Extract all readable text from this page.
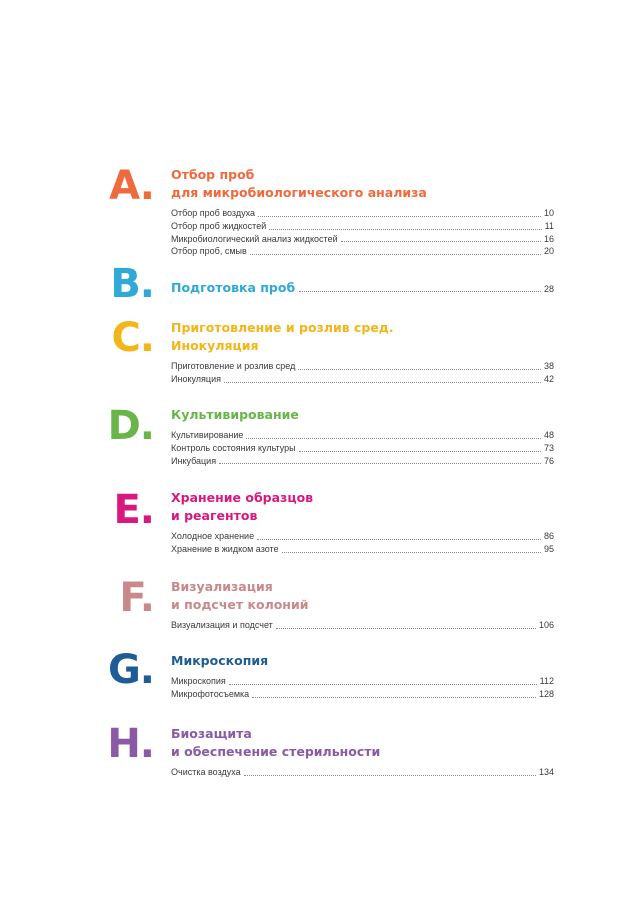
A. Отбор проб
для микробиологического анализа
Отбор проб воздуха	10
Отбор проб жидкостей	11
Микробиологический анализ жидкостей	16
Отбор проб, смыв	20
B. Подготовка проб	28
C. Приготовление и розлив сред.
Инокуляция
Приготовление и розлив сред	38
Инокуляция	42
D. Культивирование
Культивирование	48
Контроль состояния культуры	73
Инкубация	76
E. Хранение образцов
и реагентов
Холодное хранение	86
Хранение в жидком азоте	95
F. Визуализация
и подсчет колоний
Визуализация и подсчет	106
G. Микроскопия
Микроскопия	112
Микрофотосъемка	128
H. Биозащита
и обеспечение стерильности
Очистка воздуха	134
